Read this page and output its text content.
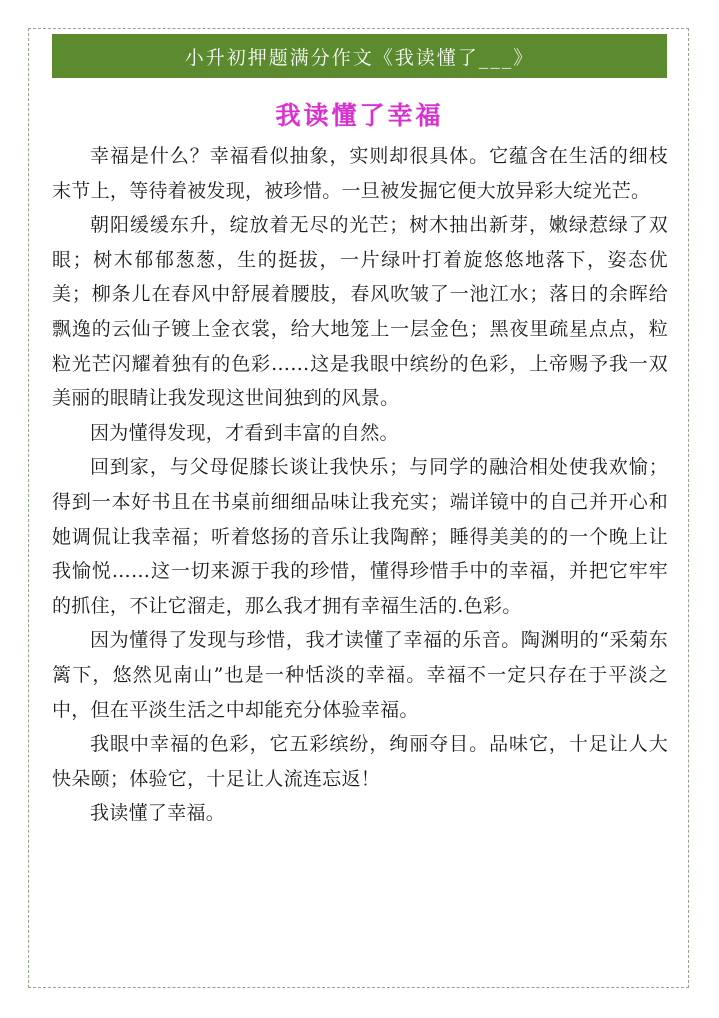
小升初押题满分作文《我读懂了___》
我读懂了幸福

幸福是什么？幸福看似抽象，实则却很具体。它蕴含在生活的细枝末节上，等待着被发现，被珍惜。一旦被发掘它便大放异彩大绽光芒。

朝阳缓缓东升，绽放着无尽的光芒；树木抽出新芽，嫩绿惹绿了双眼；树木郁郁葱葱，生的挺拔，一片绿叶打着旋悠悠地落下，姿态优美；柳条儿在春风中舒展着腰肢，春风吹皱了一池江水；落日的余晖给飘逸的云仙子镀上金衣裳，给大地笼上一层金色；黑夜里疏星点点，粒粒光芒闪耀着独有的色彩……这是我眼中缤纷的色彩，上帝赐予我一双美丽的眼睛让我发现这世间独到的风景。

因为懂得发现，才看到丰富的自然。

回到家，与父母促膝长谈让我快乐；与同学的融洽相处使我欢愉；得到一本好书且在书桌前细细品味让我充实；端详镜中的自己并开心和她调侃让我幸福；听着悠扬的音乐让我陶醉；睡得美美的的一个晚上让我愉悦……这一切来源于我的珍惜，懂得珍惜手中的幸福，并把它牢牢的抓住，不让它溜走，那么我才拥有幸福生活的.色彩。

因为懂得了发现与珍惜，我才读懂了幸福的乐音。陶渊明的“采菊东篱下，悠然见南山”也是一种恬淡的幸福。幸福不一定只存在于平淡之中，但在平淡生活之中却能充分体验幸福。

我眼中幸福的色彩，它五彩缤纷，绚丽夺目。品味它，十足让人大快朵颐；体验它，十足让人流连忘返！

我读懂了幸福。
